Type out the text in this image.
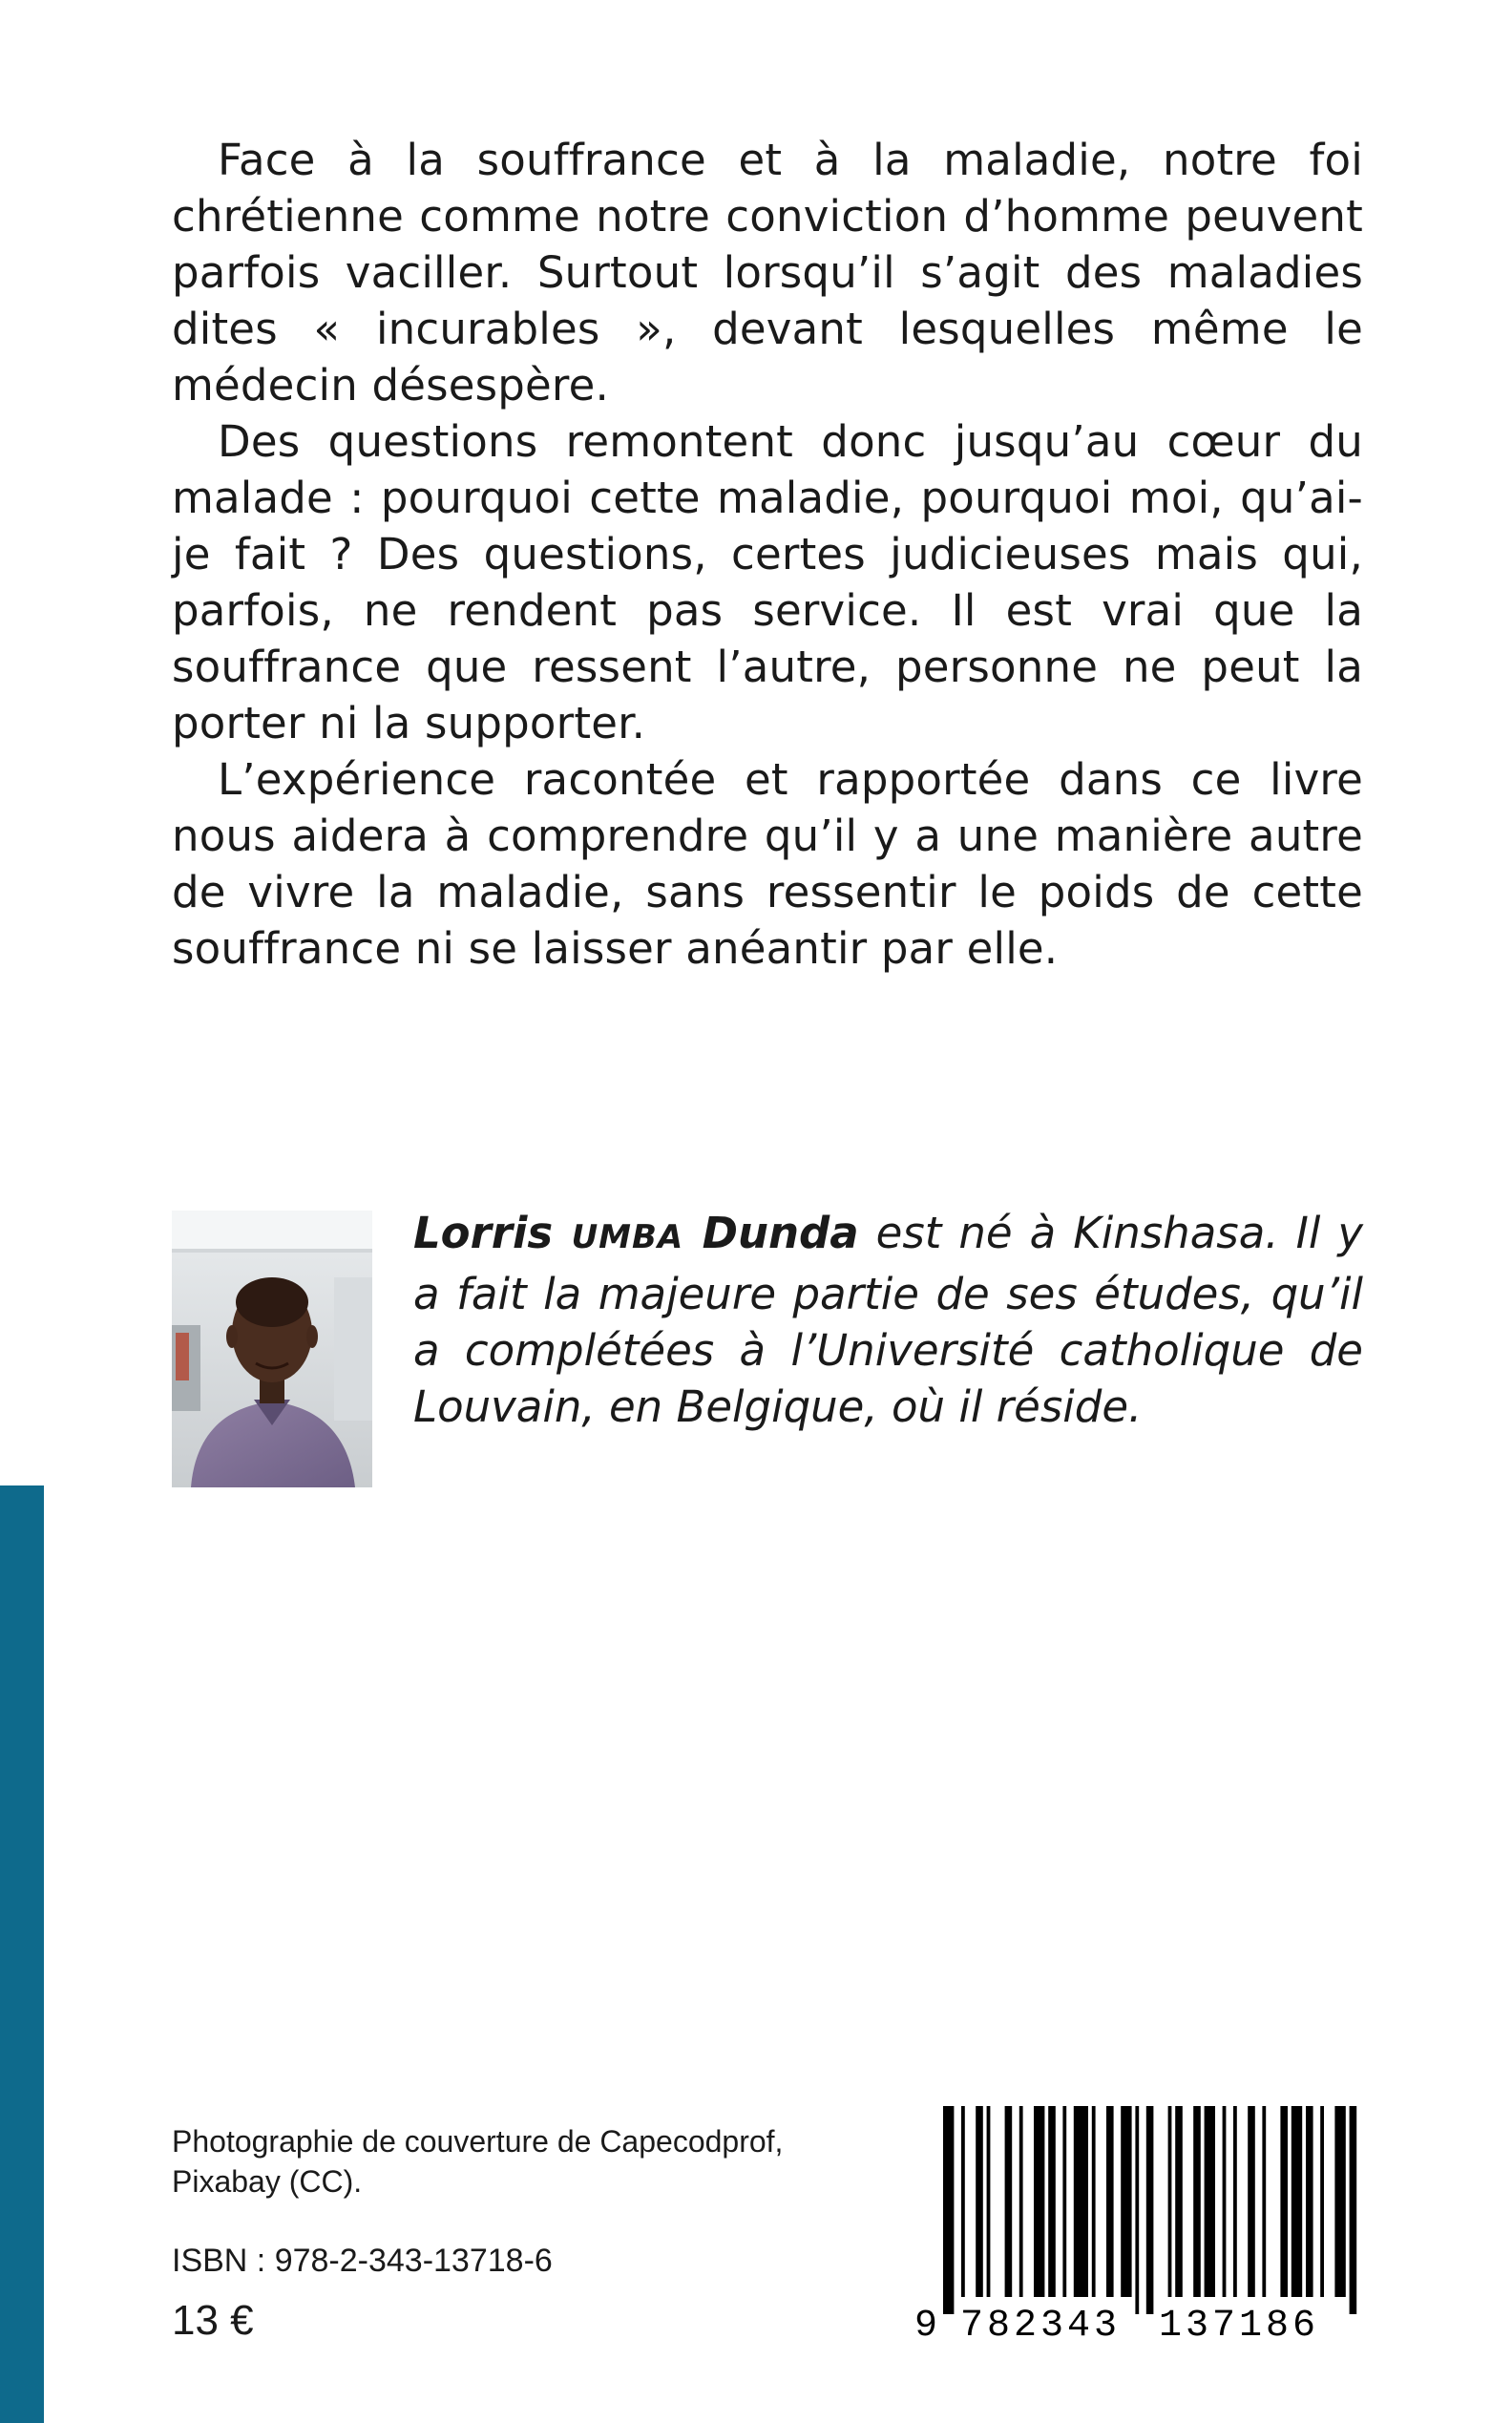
Face à la souffrance et à la maladie, notre foi chrétienne comme notre conviction d’homme peuvent parfois vaciller. Surtout lorsqu’il s’agit des maladies dites « incurables », devant lesquelles même le médecin désespère.

Des questions remontent donc jusqu’au cœur du malade : pourquoi cette maladie, pourquoi moi, qu’ai-je fait ? Des questions, certes judicieuses mais qui, parfois, ne rendent pas service. Il est vrai que la souffrance que ressent l’autre, personne ne peut la porter ni la supporter.

L’expérience racontée et rapportée dans ce livre nous aidera à comprendre qu’il y a une manière autre de vivre la maladie, sans ressentir le poids de cette souffrance ni se laisser anéantir par elle.

Lorris UMBA Dunda est né à Kinshasa. Il y a fait la majeure partie de ses études, qu’il a complétées à l’Université catholique de Louvain, en Belgique, où il réside.

Photographie de couverture de Capecodprof,

Pixabay (CC).

ISBN : 978-2-343-13718-6
13 €	9 782343 137186
